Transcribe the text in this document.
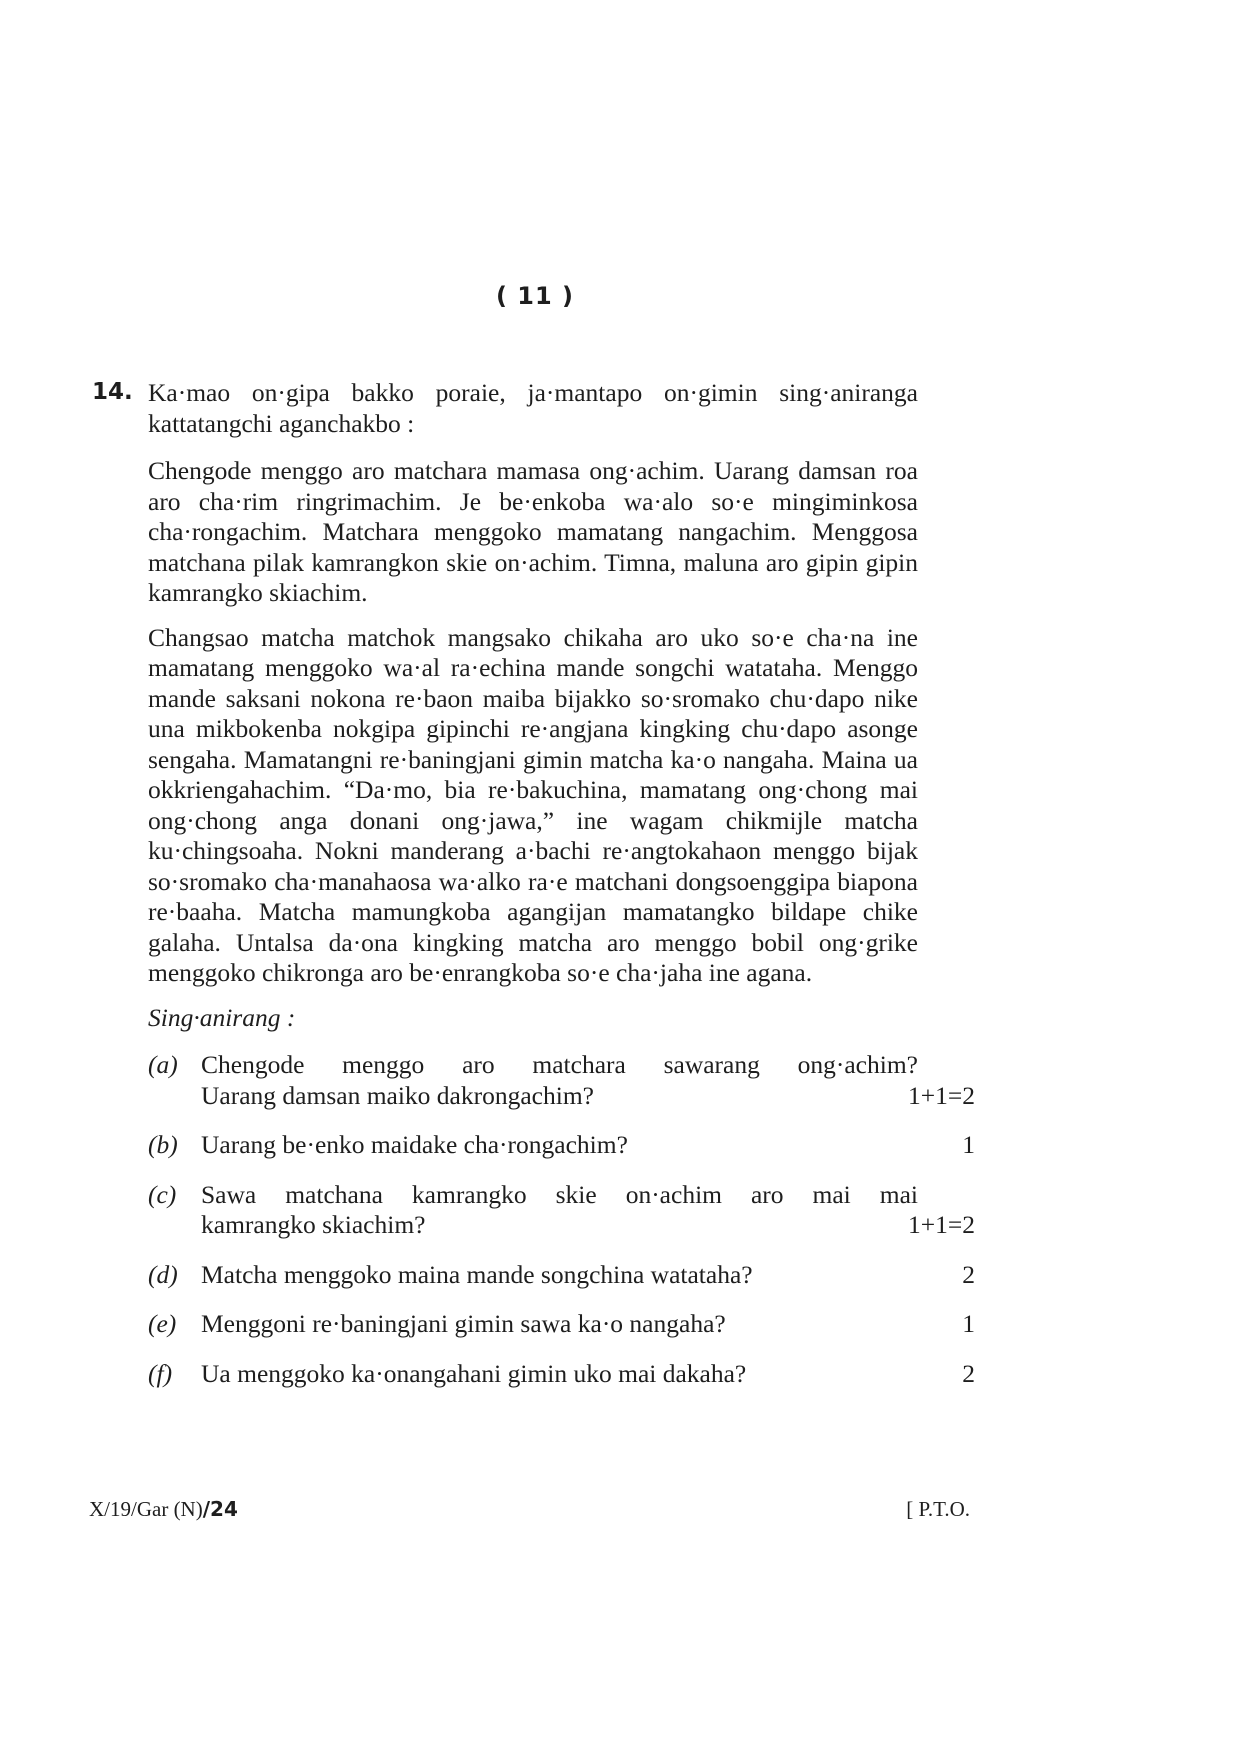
( 11 )
14. Ka·mao on·gipa bakko poraie, ja·mantapo on·gimin sing·aniranga kattatangchi aganchakbo :

Chengode menggo aro matchara mamasa ong·achim. Uarang damsan roa aro cha·rim ringrimachim. Je be·enkoba wa·alo so·e mingiminkosa cha·rongachim. Matchara menggoko mamatang nangachim. Menggosa matchana pilak kamrangkon skie on·achim. Timna, maluna aro gipin gipin kamrangko skiachim.

Changsao matcha matchok mangsako chikaha aro uko so·e cha·na ine mamatang menggoko wa·al ra·echina mande songchi watataha. Menggo mande saksani nokona re·baon maiba bijakko so·sromako chu·dapo nike una mikbokenba nokgipa gipinchi re·angjana kingking chu·dapo asonge sengaha. Mamatangni re·baningjani gimin matcha ka·o nangaha. Maina ua okkriengahachim. “Da·mo, bia re·bakuchina, mamatang ong·chong mai ong·chong anga donani ong·jawa,” ine wagam chikmijle matcha ku·chingsoaha. Nokni manderang a·bachi re·angtokahaon menggo bijak so·sromako cha·manahaosa wa·alko ra·e matchani dongsoenggipa biapona re·baaha. Matcha mamungkoba agangijan mamatangko bildape chike galaha. Untalsa da·ona kingking matcha aro menggo bobil ong·grike menggoko chikronga aro be·enrangkoba so·e cha·jaha ine agana.

Sing·anirang :

(a) Chengode menggo aro matchara sawarang ong·achim?
Uarang damsan maiko dakrongachim?	1+1=2
(b) Uarang be·enko maidake cha·rongachim?	1
(c) Sawa matchana kamrangko skie on·achim aro mai mai
kamrangko skiachim?	1+1=2
(d) Matcha menggoko maina mande songchina watataha?	2
(e) Menggoni re·baningjani gimin sawa ka·o nangaha?	1
(f) Ua menggoko ka·onangahani gimin uko mai dakaha?	2
X/19/Gar (N)/24	[ P.T.O.
